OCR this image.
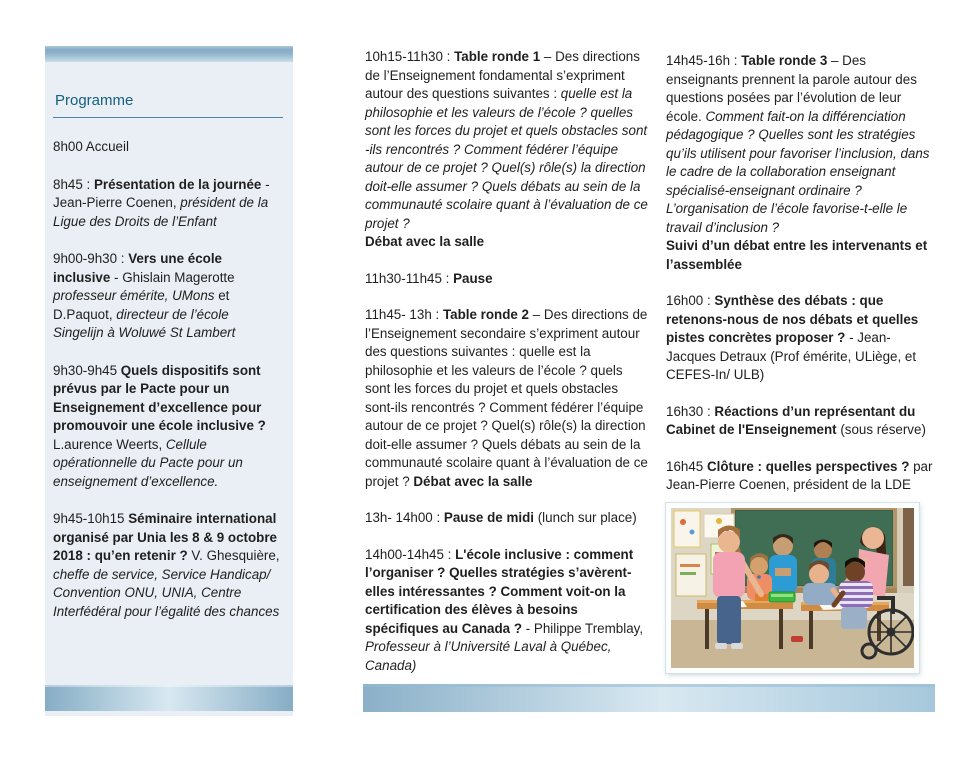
Programme

8h00 Accueil

8h45 : Présentation de la journée - Jean-Pierre Coenen, président de la Ligue des Droits de l’Enfant

9h00-9h30 : Vers une école inclusive - Ghislain Magerotte professeur émérite, UMons et D.Paquot, directeur de l’école Singelijn à Woluwé St Lambert

9h30-9h45 Quels dispositifs sont prévus par le Pacte pour un Enseignement d’excellence pour promouvoir une école inclusive ? L.aurence Weerts, Cellule opérationnelle du Pacte pour un enseignement d’excellence.

9h45-10h15 Séminaire international organisé par Unia les 8 & 9 octobre 2018 : qu’en retenir ? V. Ghesquière, cheffe de service, Service Handicap/ Convention ONU, UNIA, Centre Interfédéral pour l’égalité des chances

10h15-11h30 : Table ronde 1 – Des directions de l’Enseignement fondamental s’expriment autour des questions suivantes : quelle est la philosophie et les valeurs de l’école ? quelles sont les forces du projet et quels obstacles sont -ils rencontrés ? Comment fédérer l’équipe autour de ce projet ? Quel(s) rôle(s) la direction doit-elle assumer ? Quels débats au sein de la communauté scolaire quant à l’évaluation de ce projet ?
Débat avec la salle

11h30-11h45 : Pause

11h45- 13h : Table ronde 2 – Des directions de l’Enseignement secondaire s’expriment autour des questions suivantes : quelle est la philosophie et les valeurs de l’école ? quels sont les forces du projet et quels obstacles sont-ils rencontrés ? Comment fédérer l’équipe autour de ce projet ? Quel(s) rôle(s) la direction doit-elle assumer ? Quels débats au sein de la communauté scolaire quant à l’évaluation de ce projet ? Débat avec la salle

13h- 14h00 : Pause de midi (lunch sur place)

14h00-14h45 : L'école inclusive : comment l’organiser ? Quelles stratégies s’avèrent-elles intéressantes ? Comment voit-on la certification des élèves à besoins spécifiques au Canada ? - Philippe Tremblay, Professeur à l’Université Laval à Québec, Canada)

14h45-16h : Table ronde 3 – Des enseignants prennent la parole autour des questions posées par l’évolution de leur école. Comment fait-on la différenciation pédagogique ? Quelles sont les stratégies qu’ils utilisent pour favoriser l’inclusion, dans le cadre de la collaboration enseignant spécialisé-enseignant ordinaire ? L’organisation de l’école favorise-t-elle le travail d’inclusion ?
Suivi d’un débat entre les intervenants et l’assemblée

16h00 : Synthèse des débats : que retenons-nous de nos débats et quelles pistes concrètes proposer ? - Jean-Jacques Detraux (Prof émérite, ULiège, et CEFES-In/ ULB)

16h30 : Réactions d’un représentant du Cabinet de l'Enseignement (sous réserve)

16h45 Clôture : quelles perspectives ? par Jean-Pierre Coenen, président de la LDE
